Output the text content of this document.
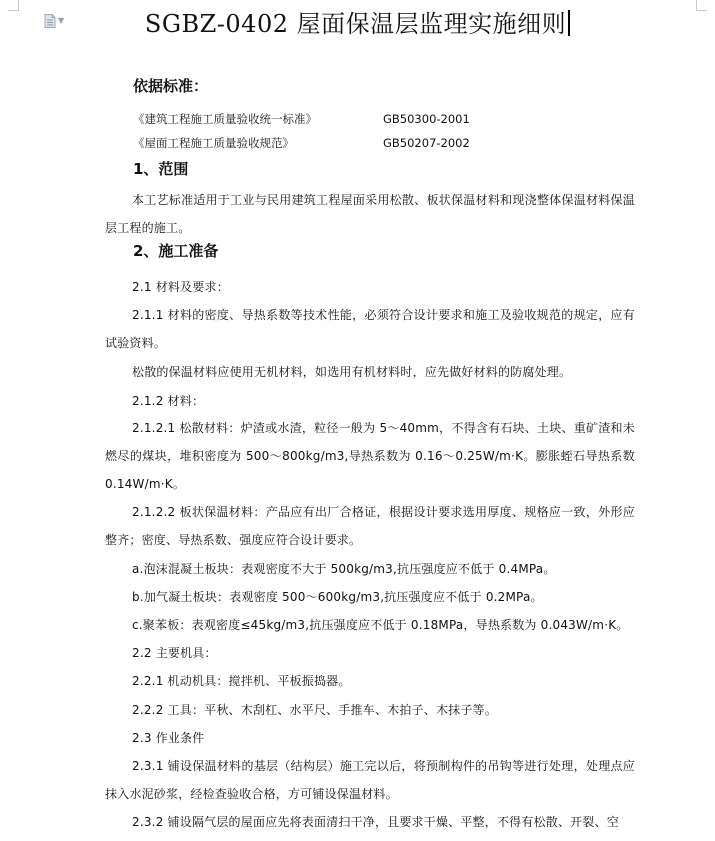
▼	SGBZ-0402 屋面保温层监理实施细则
依据标准：
《建筑工程施工质量验收统一标准》	GB50300-2001
《屋面工程施工质量验收规范》	GB50207-2002
1、范围
本工艺标准适用于工业与民用建筑工程屋面采用松散、板状保温材料和现浇整体保温材料保温层工程的施工。
2、施工准备
2.1 材料及要求：
2.1.1 材料的密度、导热系数等技术性能，必须符合设计要求和施工及验收规范的规定，应有试验资料。
松散的保温材料应使用无机材料，如选用有机材料时，应先做好材料的防腐处理。
2.1.2 材料：
2.1.2.1 松散材料：炉渣或水渣，粒径一般为 5～40mm，不得含有石块、土块、重矿渣和未燃尽的煤块，堆积密度为 500～800kg/m3,导热系数为 0.16～0.25W/m·K。膨胀蛭石导热系数 0.14W/m·K。
2.1.2.2 板状保温材料：产品应有出厂合格证，根据设计要求选用厚度、规格应一致，外形应整齐；密度、导热系数、强度应符合设计要求。
a.泡沫混凝土板块：表观密度不大于 500kg/m3,抗压强度应不低于 0.4MPa。
b.加气凝土板块：表观密度 500～600kg/m3,抗压强度应不低于 0.2MPa。
c.聚苯板：表观密度≤45kg/m3,抗压强度应不低于 0.18MPa，导热系数为 0.043W/m·K。
2.2 主要机具：
2.2.1 机动机具：搅拌机、平板振捣器。
2.2.2 工具：平秋、木刮杠、水平尺、手推车、木拍子、木抹子等。
2.3 作业条件
2.3.1 铺设保温材料的基层（结构层）施工完以后，将预制构件的吊钩等进行处理，处理点应抹入水泥砂浆，经检查验收合格，方可铺设保温材料。
2.3.2 铺设隔气层的屋面应先将表面清扫干净，且要求干燥、平整，不得有松散、开裂、空
